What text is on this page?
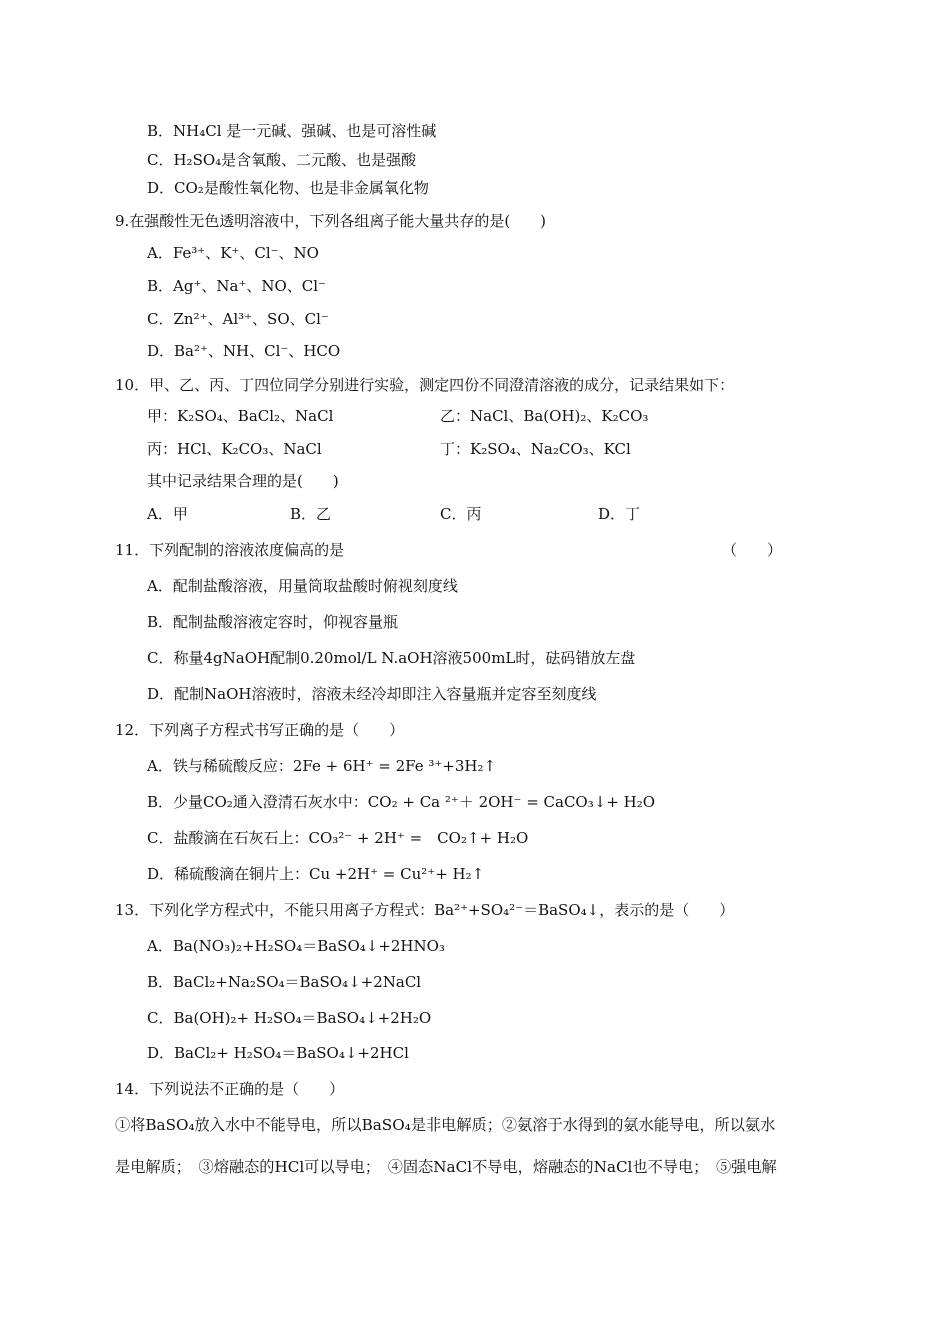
B．NH₄Cl 是一元碱、强碱、也是可溶性碱
C．H₂SO₄是含氧酸、二元酸、也是强酸
D．CO₂是酸性氧化物、也是非金属氧化物
9.在强酸性无色透明溶液中，下列各组离子能大量共存的是(　　)
A．Fe³⁺、K⁺、Cl⁻、NO
B．Ag⁺、Na⁺、NO、Cl⁻
C．Zn²⁺、Al³⁺、SO、Cl⁻
D．Ba²⁺、NH、Cl⁻、HCO
10．甲、乙、丙、丁四位同学分别进行实验，测定四份不同澄清溶液的成分，记录结果如下：
甲：K₂SO₄、BaCl₂、NaCl	乙：NaCl、Ba(OH)₂、K₂CO₃
丙：HCl、K₂CO₃、NaCl	丁：K₂SO₄、Na₂CO₃、KCl
其中记录结果合理的是(　　)
A．甲	B．乙	C．丙	D．丁
11．下列配制的溶液浓度偏高的是	（　　）
A．配制盐酸溶液，用量筒取盐酸时俯视刻度线
B．配制盐酸溶液定容时，仰视容量瓶
C．称量4gNaOH配制0.20mol/L N.aOH溶液500mL时，砝码错放左盘
D．配制NaOH溶液时，溶液未经冷却即注入容量瓶并定容至刻度线
12．下列离子方程式书写正确的是（　　）
A．铁与稀硫酸反应：2Fe + 6H⁺ = 2Fe ³⁺+3H₂↑
B．少量CO₂通入澄清石灰水中：CO₂ + Ca ²⁺＋ 2OH⁻ = CaCO₃↓+ H₂O
C．盐酸滴在石灰石上：CO₃²⁻ + 2H⁺ =　CO₂↑+ H₂O
D．稀硫酸滴在铜片上：Cu +2H⁺ = Cu²⁺+ H₂↑
13．下列化学方程式中，不能只用离子方程式：Ba²⁺+SO₄²⁻＝BaSO₄↓，表示的是（　　）
A．Ba(NO₃)₂+H₂SO₄＝BaSO₄↓+2HNO₃
B．BaCl₂+Na₂SO₄＝BaSO₄↓+2NaCl
C．Ba(OH)₂+ H₂SO₄＝BaSO₄↓+2H₂O
D．BaCl₂+ H₂SO₄＝BaSO₄↓+2HCl
14．下列说法不正确的是（　　）
①将BaSO₄放入水中不能导电，所以BaSO₄是非电解质；②氨溶于水得到的氨水能导电，所以氨水
是电解质；　③熔融态的HCl可以导电；　④固态NaCl不导电，熔融态的NaCl也不导电；　⑤强电解
